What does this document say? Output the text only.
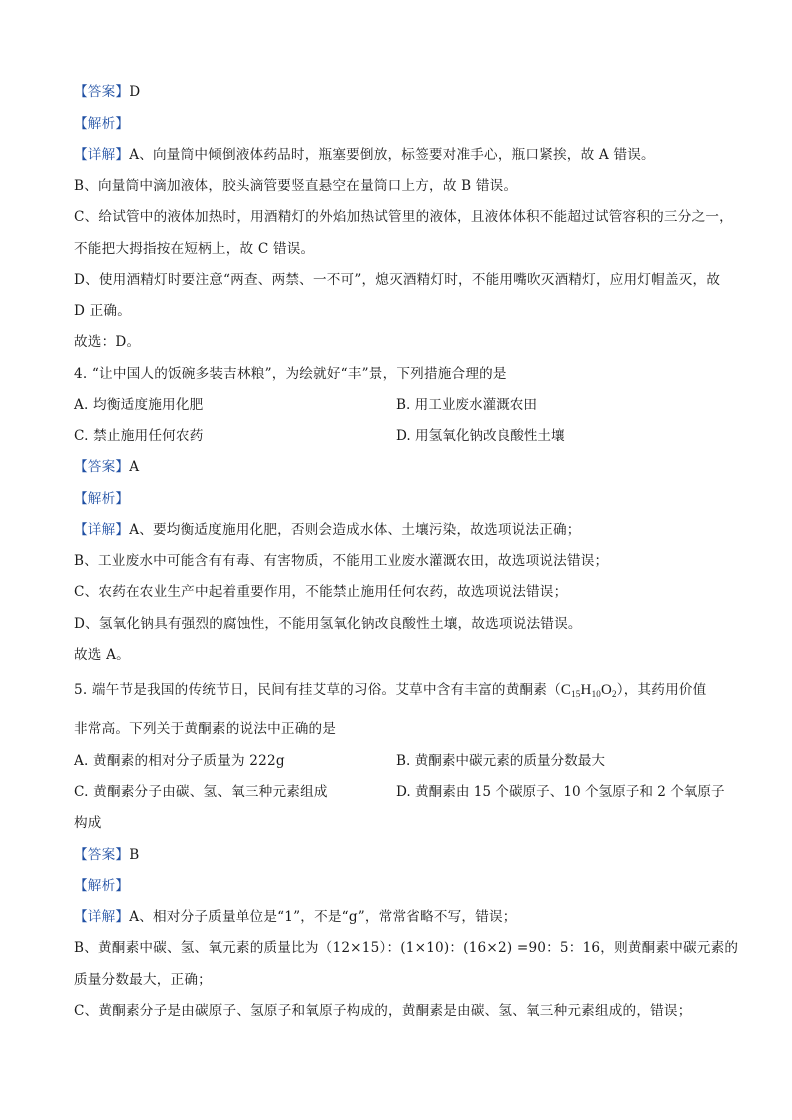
【答案】D
【解析】
【详解】A、向量筒中倾倒液体药品时，瓶塞要倒放，标签要对准手心，瓶口紧挨，故 A 错误。
B、向量筒中滴加液体，胶头滴管要竖直悬空在量筒口上方，故 B 错误。
C、给试管中的液体加热时，用酒精灯的外焰加热试管里的液体，且液体体积不能超过试管容积的三分之一，
不能把大拇指按在短柄上，故 C 错误。
D、使用酒精灯时要注意“两查、两禁、一不可”，熄灭酒精灯时，不能用嘴吹灭酒精灯，应用灯帽盖灭，故
D 正确。
故选：D。
4. “让中国人的饭碗多装吉林粮”，为绘就好“丰”景，下列措施合理的是
A. 均衡适度施用化肥	B. 用工业废水灌溉农田
C. 禁止施用任何农药	D. 用氢氧化钠改良酸性土壤
【答案】A
【解析】
【详解】A、要均衡适度施用化肥，否则会造成水体、土壤污染，故选项说法正确；
B、工业废水中可能含有有毒、有害物质，不能用工业废水灌溉农田，故选项说法错误；
C、农药在农业生产中起着重要作用，不能禁止施用任何农药，故选项说法错误；
D、氢氧化钠具有强烈的腐蚀性，不能用氢氧化钠改良酸性土壤，故选项说法错误。
故选 A。
5. 端午节是我国的传统节日，民间有挂艾草的习俗。艾草中含有丰富的黄酮素$(C_{15}H_{10}O_2)$，其药用价值
非常高。下列关于黄酮素的说法中正确的是
A. 黄酮素的相对分子质量为 222g	B. 黄酮素中碳元素的质量分数最大
C. 黄酮素分子由碳、氢、氧三种元素组成	D. 黄酮素由 15 个碳原子、10 个氢原子和 2 个氧原子
构成
【答案】B
【解析】
【详解】A、相对分子质量单位是“1”，不是“g”，常常省略不写，错误；
B、黄酮素中碳、氢、氧元素的质量比为（12×15）：(1×10)：(16×2) =90：5：16，则黄酮素中碳元素的
质量分数最大，正确；
C、黄酮素分子是由碳原子、氢原子和氧原子构成的，黄酮素是由碳、氢、氧三种元素组成的，错误；
